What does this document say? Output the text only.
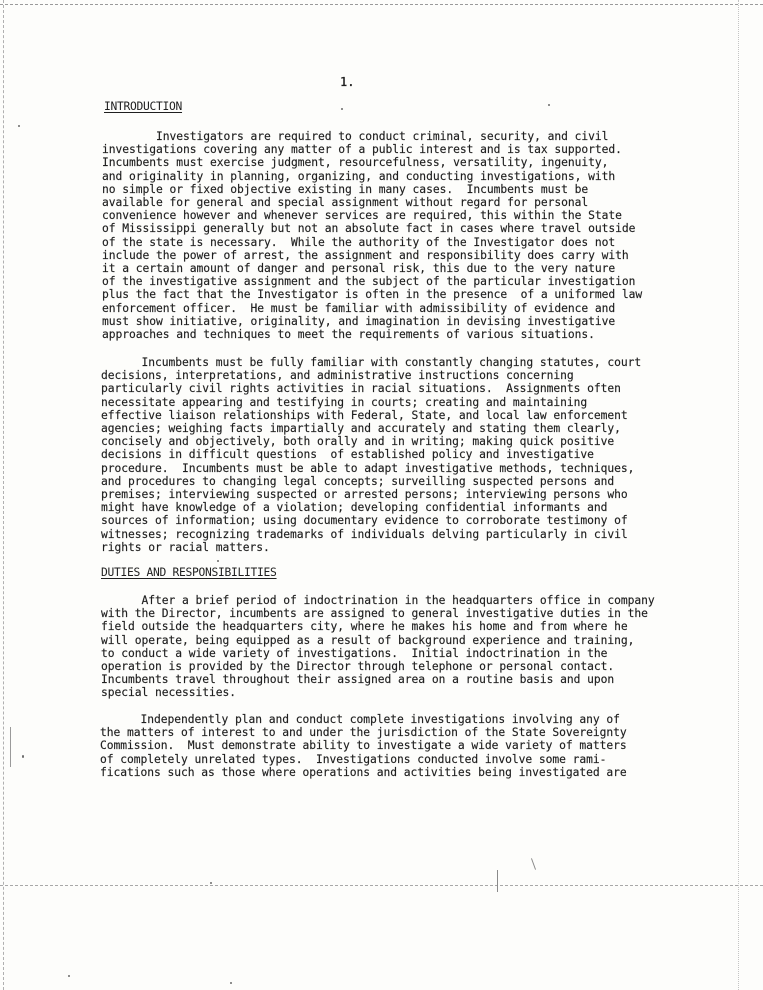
1.

INTRODUCTION

Investigators are required to conduct criminal, security, and civil
investigations covering any matter of a public interest and is tax supported.
Incumbents must exercise judgment, resourcefulness, versatility, ingenuity,
and originality in planning, organizing, and conducting investigations, with
no simple or fixed objective existing in many cases.  Incumbents must be
available for general and special assignment without regard for personal
convenience however and whenever services are required, this within the State
of Mississippi generally but not an absolute fact in cases where travel outside
of the state is necessary.  While the authority of the Investigator does not
include the power of arrest, the assignment and responsibility does carry with
it a certain amount of danger and personal risk, this due to the very nature
of the investigative assignment and the subject of the particular investigation
plus the fact that the Investigator is often in the presence  of a uniformed law
enforcement officer.  He must be familiar with admissibility of evidence and
must show initiative, originality, and imagination in devising investigative
approaches and techniques to meet the requirements of various situations.

Incumbents must be fully familiar with constantly changing statutes, court
decisions, interpretations, and administrative instructions concerning
particularly civil rights activities in racial situations.  Assignments often
necessitate appearing and testifying in courts; creating and maintaining
effective liaison relationships with Federal, State, and local law enforcement
agencies; weighing facts impartially and accurately and stating them clearly,
concisely and objectively, both orally and in writing; making quick positive
decisions in difficult questions  of established policy and investigative
procedure.  Incumbents must be able to adapt investigative methods, techniques,
and procedures to changing legal concepts; surveilling suspected persons and
premises; interviewing suspected or arrested persons; interviewing persons who
might have knowledge of a violation; developing confidential informants and
sources of information; using documentary evidence to corroborate testimony of
witnesses; recognizing trademarks of individuals delving particularly in civil
rights or racial matters.

DUTIES AND RESPONSIBILITIES

After a brief period of indoctrination in the headquarters office in company
with the Director, incumbents are assigned to general investigative duties in the
field outside the headquarters city, where he makes his home and from where he
will operate, being equipped as a result of background experience and training,
to conduct a wide variety of investigations.  Initial indoctrination in the
operation is provided by the Director through telephone or personal contact.
Incumbents travel throughout their assigned area on a routine basis and upon
special necessities.

Independently plan and conduct complete investigations involving any of
the matters of interest to and under the jurisdiction of the State Sovereignty
Commission.  Must demonstrate ability to investigate a wide variety of matters
of completely unrelated types.  Investigations conducted involve some rami-
fications such as those where operations and activities being investigated are
